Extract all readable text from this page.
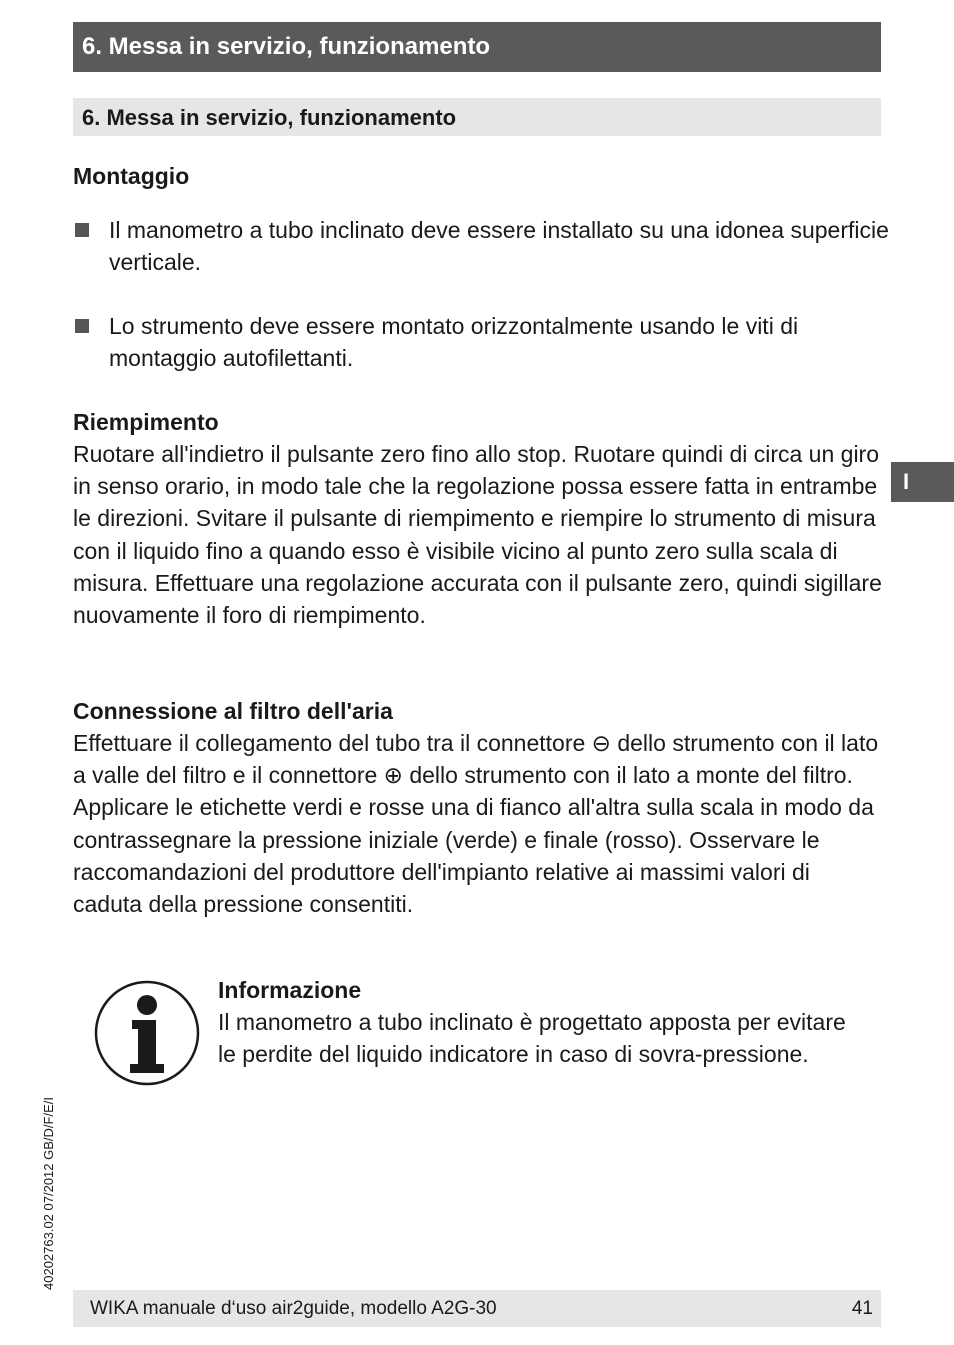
6. Messa in servizio, funzionamento
6. Messa in servizio, funzionamento
Montaggio
Il manometro a tubo inclinato deve essere installato su una idonea superficie verticale.
Lo strumento deve essere montato orizzontalmente usando le viti di montaggio autofilettanti.
Riempimento
Ruotare all'indietro il pulsante zero fino allo stop. Ruotare quindi di circa un giro in senso orario, in modo tale che la regolazione possa essere fatta in entrambe le direzioni. Svitare il pulsante di riempimento e riempire lo strumento di misura con il liquido fino a quando esso è visibile vicino al punto zero sulla scala di misura. Effettuare una regolazione accurata con il pulsante zero, quindi sigillare nuovamente il foro di riempimento.
I
Connessione al filtro dell'aria
Effettuare il collegamento del tubo tra il connettore ⊖ dello strumento con il lato a valle del filtro e il connettore ⊕ dello strumento con il lato a monte del filtro. Applicare le etichette verdi e rosse una di fianco all'altra sulla scala in modo da contrassegnare la pressione iniziale (verde) e finale (rosso). Osservare le raccomandazioni del produttore dell'impianto relative ai massimi valori di caduta della pressione consentiti.
Informazione
Il manometro a tubo inclinato è progettato apposta per evitare le perdite del liquido indicatore in caso di sovra-pressione.
40202763.02 07/2012 GB/D/F/E/I
WIKA manuale d‘uso air2guide, modello A2G-30	41
